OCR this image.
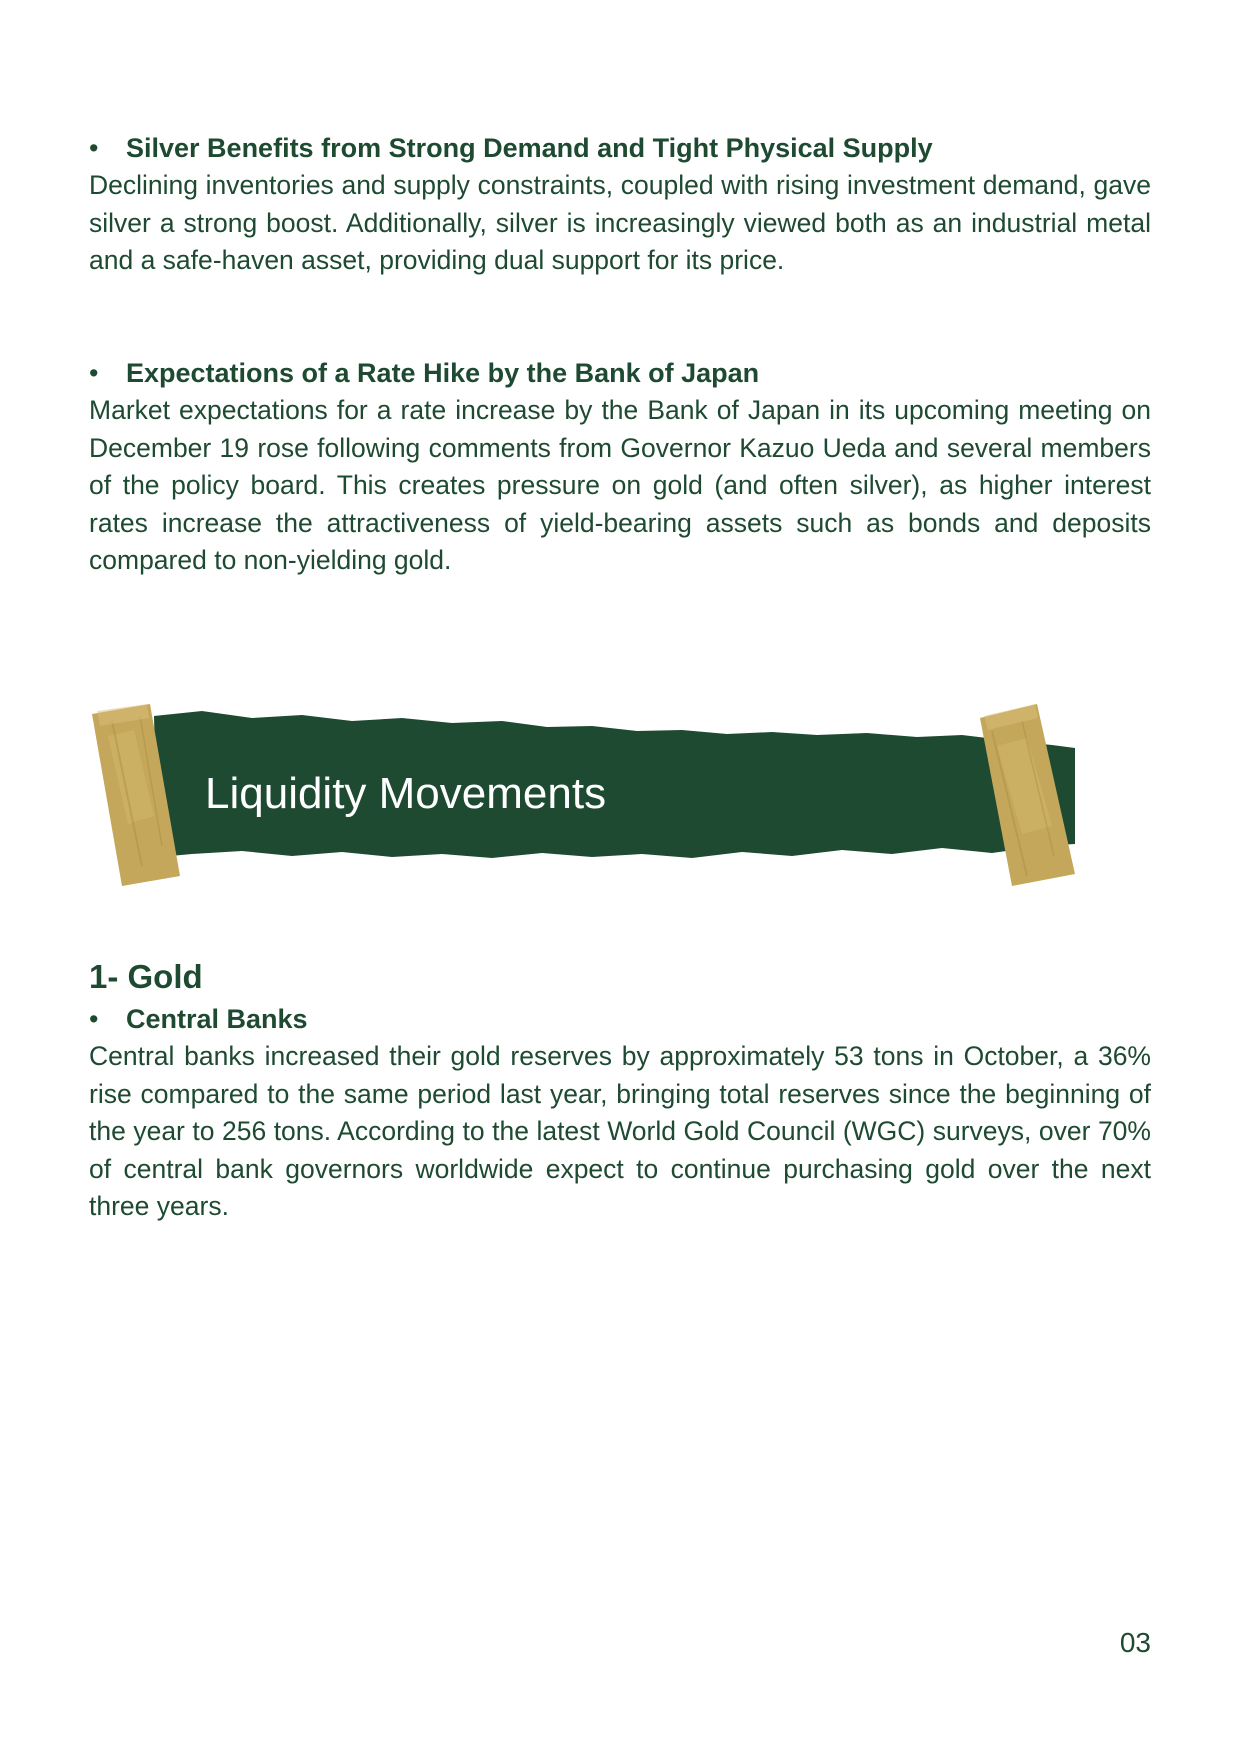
•	Silver Benefits from Strong Demand and Tight Physical Supply

Declining inventories and supply constraints, coupled with rising investment demand, gave silver a strong boost. Additionally, silver is increasingly viewed both as an industrial metal and a safe-haven asset, providing dual support for its price.

•	Expectations of a Rate Hike by the Bank of Japan

Market expectations for a rate increase by the Bank of Japan in its upcoming meeting on December 19 rose following comments from Governor Kazuo Ueda and several members of the policy board. This creates pressure on gold (and often silver), as higher interest rates increase the attractiveness of yield-bearing assets such as bonds and deposits compared to non-yielding gold.

Liquidity Movements
1- Gold
•	Central Banks

Central banks increased their gold reserves by approximately 53 tons in October, a 36% rise compared to the same period last year, bringing total reserves since the beginning of the year to 256 tons. According to the latest World Gold Council (WGC) surveys, over 70% of central bank governors worldwide expect to continue purchasing gold over the next three years.

03
